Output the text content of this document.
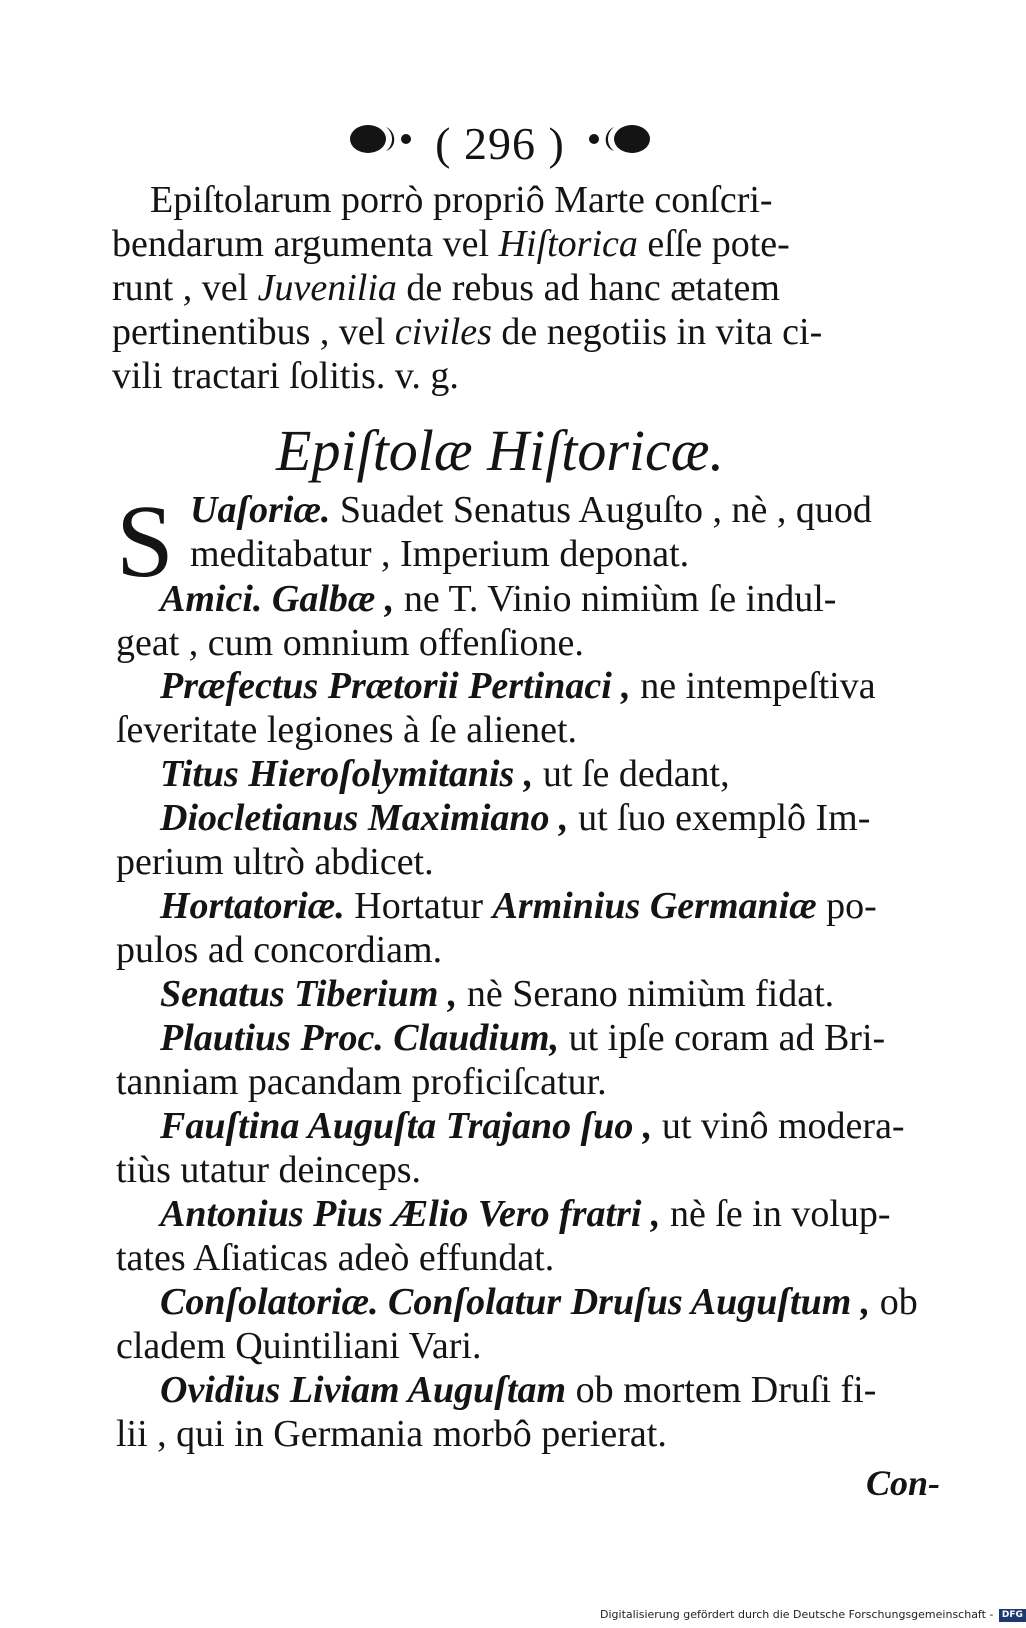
( 296 )
Epiſtolarum porrò propriô Marte conſcri-
bendarum argumenta vel Hiſtorica eſſe pote-
runt , vel Juvenilia de rebus ad hanc ætatem
pertinentibus , vel civiles de negotiis in vita ci-
vili tractari ſolitis. v. g.
Epiſtolæ Hiſtoricæ.
S Uaſoriæ. Suadet Senatus Auguſto , nè , quod
meditabatur , Imperium deponat.
Amici. Galbæ , ne T. Vinio nimiùm ſe indul-
geat , cum omnium offenſione.
Præfectus Prætorii Pertinaci , ne intempeſtiva
ſeveritate legiones à ſe alienet.
Titus Hieroſolymitanis , ut ſe dedant,
Diocletianus Maximiano , ut ſuo exemplô Im-
perium ultrò abdicet.
Hortatoriæ. Hortatur Arminius Germaniæ po-
pulos ad concordiam.
Senatus Tiberium , nè Serano nimiùm fidat.
Plautius Proc. Claudium, ut ipſe coram ad Bri-
tanniam pacandam proficiſcatur.
Fauſtina Auguſta Trajano ſuo , ut vinô modera-
tiùs utatur deinceps.
Antonius Pius Ælio Vero fratri , nè ſe in volup-
tates Aſiaticas adeò effundat.
Conſolatoriæ. Conſolatur Druſus Auguſtum , ob
cladem Quintiliani Vari.
Ovidius Liviam Auguſtam ob mortem Druſi fi-
lii , qui in Germania morbô perierat.
Con-
Digitalisierung gefördert durch die Deutsche Forschungsgemeinschaft - DFG
